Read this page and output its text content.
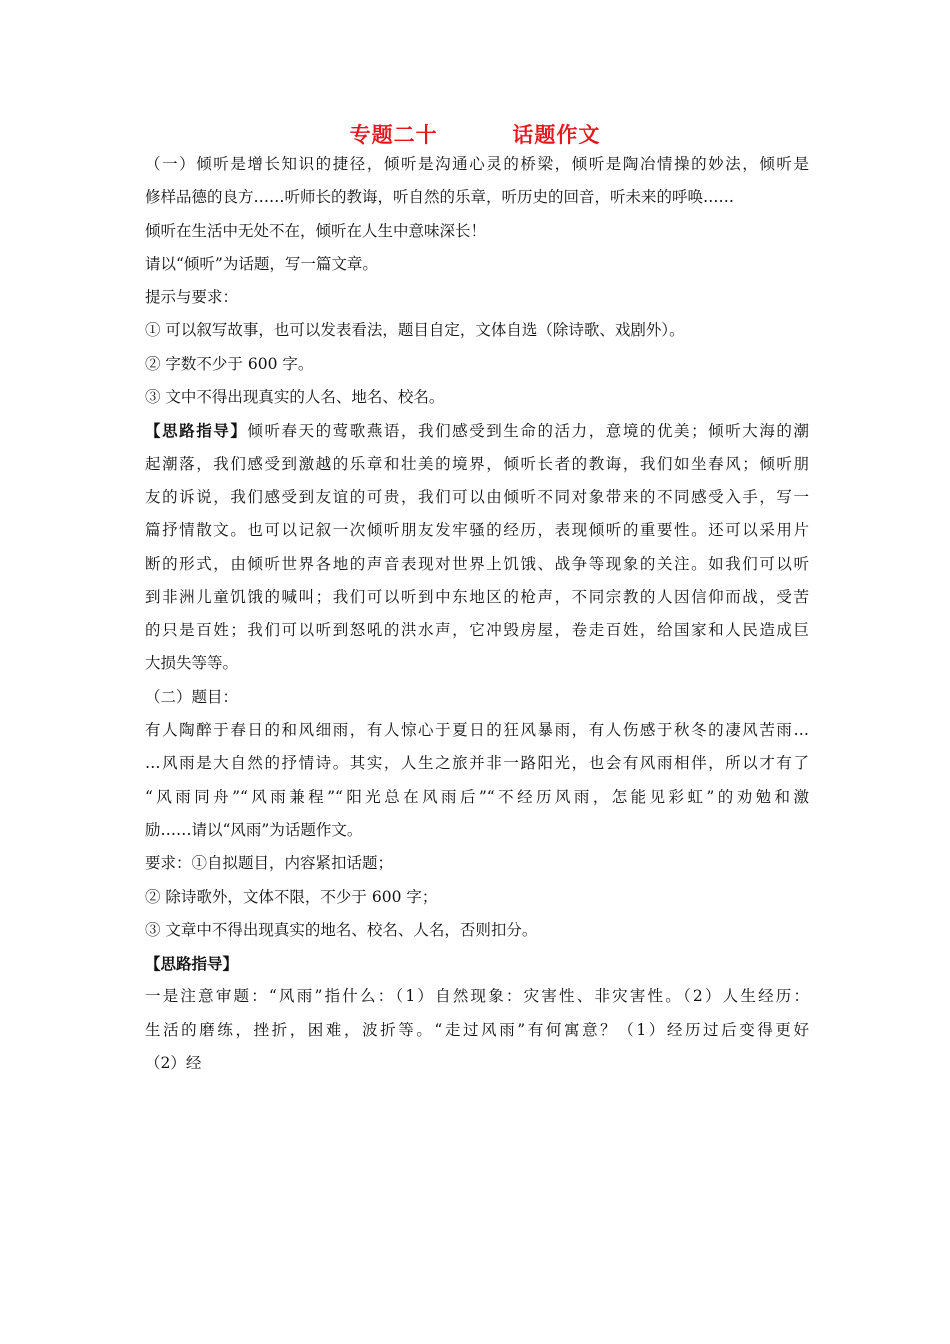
专题二十         话题作文
（一）倾听是增长知识的捷径，倾听是沟通心灵的桥梁，倾听是陶冶情操的妙法，倾听是
修样品德的良方……听师长的教诲，听自然的乐章，听历史的回音，听未来的呼唤……
倾听在生活中无处不在，倾听在人生中意味深长！
请以“倾听”为话题，写一篇文章。
提示与要求：
① 可以叙写故事，也可以发表看法，题目自定，文体自选（除诗歌、戏剧外）。
② 字数不少于 600 字。
③ 文中不得出现真实的人名、地名、校名。
【思路指导】倾听春天的莺歌燕语，我们感受到生命的活力，意境的优美；倾听大海的潮
起潮落，我们感受到激越的乐章和壮美的境界，倾听长者的教诲，我们如坐春风；倾听朋
友的诉说，我们感受到友谊的可贵，我们可以由倾听不同对象带来的不同感受入手，写一
篇抒情散文。也可以记叙一次倾听朋友发牢骚的经历，表现倾听的重要性。还可以采用片
断的形式，由倾听世界各地的声音表现对世界上饥饿、战争等现象的关注。如我们可以听
到非洲儿童饥饿的喊叫；我们可以听到中东地区的枪声，不同宗教的人因信仰而战，受苦
的只是百姓；我们可以听到怒吼的洪水声，它冲毁房屋，卷走百姓，给国家和人民造成巨
大损失等等。
（二）题目：
有人陶醉于春日的和风细雨，有人惊心于夏日的狂风暴雨，有人伤感于秋冬的凄风苦雨…
…风雨是大自然的抒情诗。其实，人生之旅并非一路阳光，也会有风雨相伴，所以才有了
“风雨同舟”“风雨兼程”“阳光总在风雨后”“不经历风雨，怎能见彩虹”的劝勉和激
励……请以“风雨”为话题作文。
要求：①自拟题目，内容紧扣话题；
② 除诗歌外，文体不限，不少于 600 字；
③ 文章中不得出现真实的地名、校名、人名，否则扣分。
【思路指导】
一是注意审题：“风雨”指什么：（1）自然现象：灾害性、非灾害性。（2）人生经历：
生活的磨练，挫折，困难，波折等。“走过风雨”有何寓意？（1）经历过后变得更好
（2）经
